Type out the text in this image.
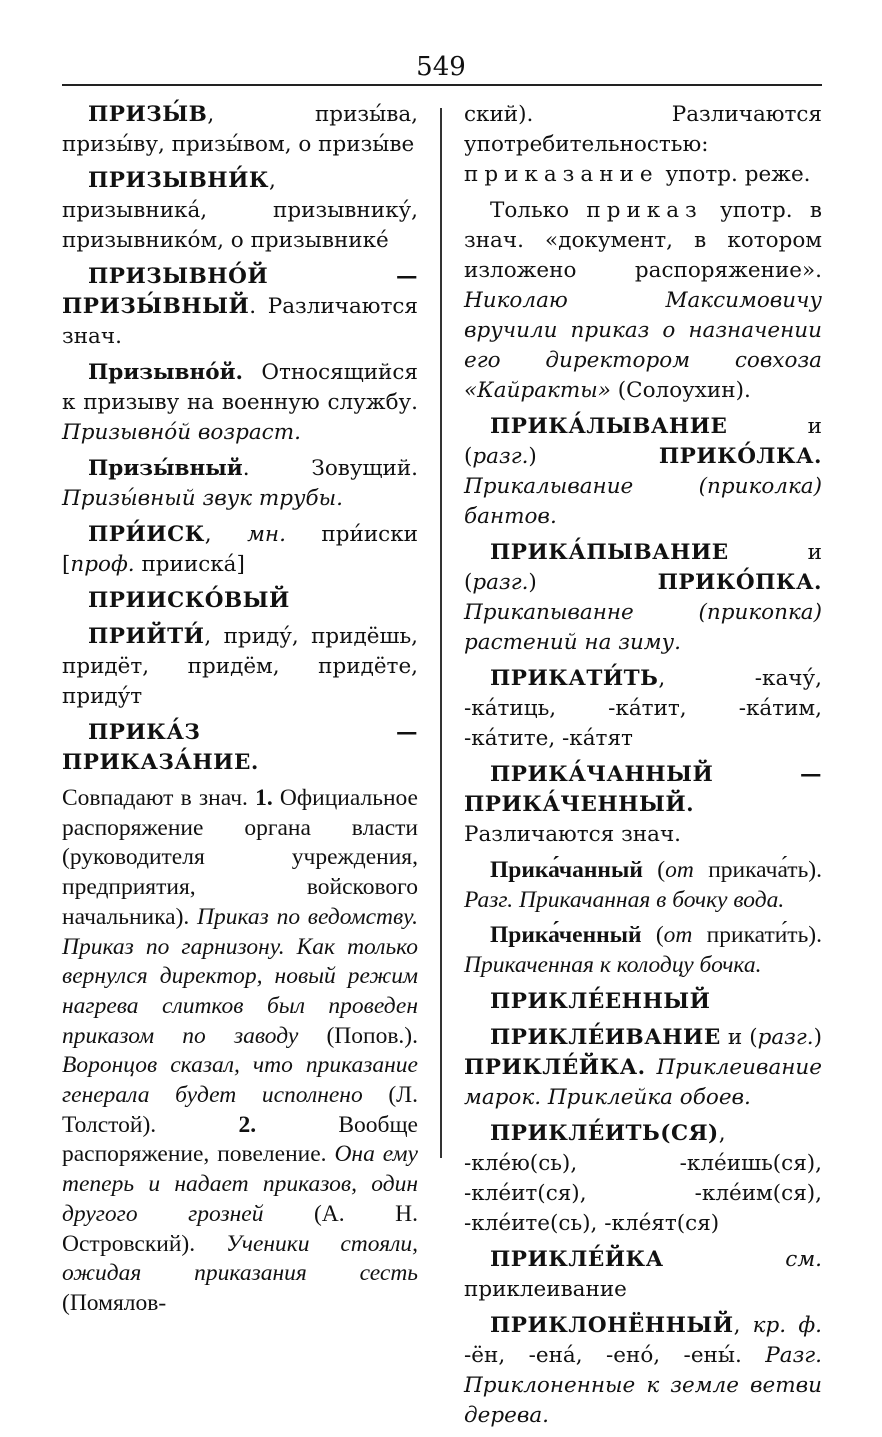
549

ПРИЗЫ́В, призы́ва, призы́ву, призы́вом, о призы́ве

ПРИЗЫВНИ́К, призывника́, призывнику́, призывнико́м, о призывнике́

ПРИЗЫВНО́Й — ПРИЗЫ́ВНЫЙ. Различаются знач.

Призывно́й. Относящийся к призыву на военную службу. Призывно́й возраст.

Призы́вный. Зовущий. Призы́вный звук трубы.

ПРИ́ИСК, мн. при́иски [проф. прииска́]

ПРИИСКО́ВЫЙ

ПРИЙТИ́, приду́, придёшь, придёт, придём, придёте, приду́т

ПРИКА́З — ПРИКАЗА́НИЕ.

Совпадают в знач. 1. Официальное распоряжение органа власти (руководителя учреждения, предприятия, войскового начальника). Приказ по ведомству. Приказ по гарнизону. Как только вернулся директор, новый режим нагрева слитков был проведен приказом по заводу (Попов.). Воронцов сказал, что приказание генерала будет исполнено (Л. Толстой). 2. Вообще распоряжение, повеление. Она ему теперь и надает приказов, один другого грозней (А. Н. Островский). Ученики стояли, ожидая приказания сесть (Помялов-

ский). Различаются употребительностью: приказание употр. реже.

Только приказ употр. в знач. «документ, в котором изложено распоряжение». Николаю Максимовичу вручили приказ о назначении его директором совхоза «Кайракты» (Солоухин).

ПРИКА́ЛЫВАНИЕ и (разг.) ПРИКО́ЛКА. Прикалывание (приколка) бантов.

ПРИКА́ПЫВАНИЕ и (разг.) ПРИКО́ПКА. Прикапыванне (прикопка) растений на зиму.

ПРИКАТИ́ТЬ, -качу́, -ка́тиць, -ка́тит, -ка́тим, -ка́тите, -ка́тят

ПРИКА́ЧАННЫЙ — ПРИКА́ЧЕННЫЙ. Различаются знач.

Прика́чанный (от прикача́ть). Разг. Прикачанная в бочку вода.

Прика́ченный (от прикати́ть). Прикаченная к колодцу бочка.

ПРИКЛЕ́ЕННЫЙ

ПРИКЛЕ́ИВАНИЕ и (разг.) ПРИКЛЕ́ЙКА. Приклеивание марок. Приклейка обоев.

ПРИКЛЕ́ИТЬ(СЯ), -кле́ю(сь), -кле́ишь(ся), -кле́ит(ся), -кле́им(ся), -кле́ите(сь), -кле́ят(ся)

ПРИКЛЕ́ЙКА	см. приклеивание

ПРИКЛОНЁННЫЙ, кр. ф. -ён, -ена́, -ено́, -ены́. Разг. Приклоненные к земле ветви дерева.
